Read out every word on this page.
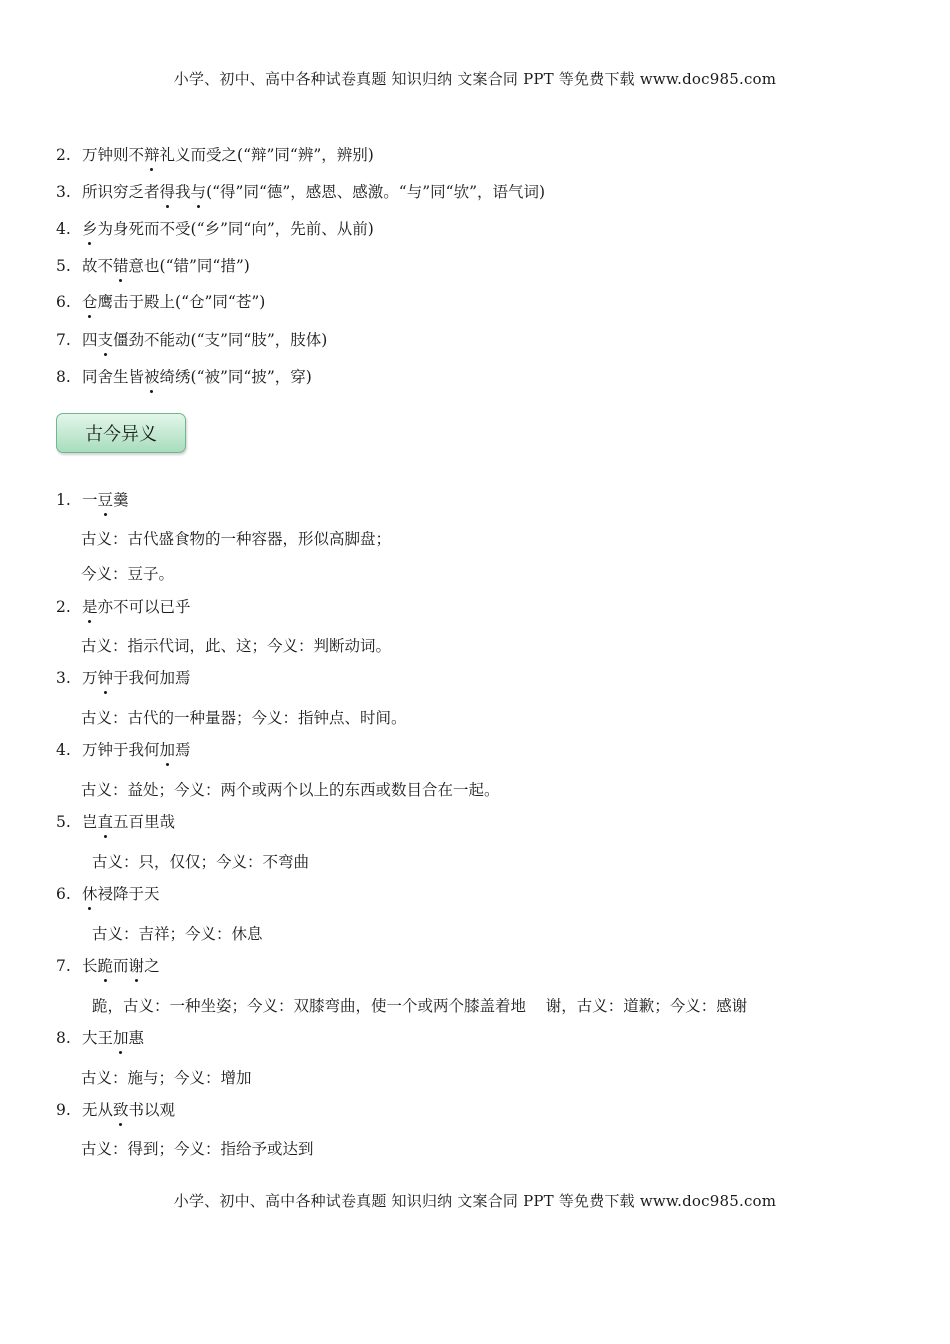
小学、初中、高中各种试卷真题 知识归纳 文案合同 PPT 等免费下载 www.doc985.com
2. 万钟则不辩礼义而受之(“辩”同“辨”，辨别)
3. 所识穷乏者得我与(“得”同“德”，感恩、感激。“与”同“欤”，语气词)
4. 乡为身死而不受(“乡”同“向”，先前、从前)
5. 故不错意也(“错”同“措”)
6. 仓鹰击于殿上(“仓”同“苍”)
7. 四支僵劲不能动(“支”同“肢”，肢体)
8. 同舍生皆被绮绣(“被”同“披”，穿)
古今异义
1. 一豆羹
古义：古代盛食物的一种容器，形似高脚盘；
今义：豆子。
2. 是亦不可以已乎
古义：指示代词，此、这；今义：判断动词。
3. 万钟于我何加焉
古义：古代的一种量器；今义：指钟点、时间。
4. 万钟于我何加焉
古义：益处；今义：两个或两个以上的东西或数目合在一起。
5. 岂直五百里哉
古义：只，仅仅；今义：不弯曲
6. 休祲降于天
古义：吉祥；今义：休息
7. 长跪而谢之
跪，古义：一种坐姿；今义：双膝弯曲，使一个或两个膝盖着地    谢，古义：道歉；今义：感谢
8. 大王加惠
古义：施与；今义：增加
9. 无从致书以观
古义：得到；今义：指给予或达到
小学、初中、高中各种试卷真题 知识归纳 文案合同 PPT 等免费下载 www.doc985.com
